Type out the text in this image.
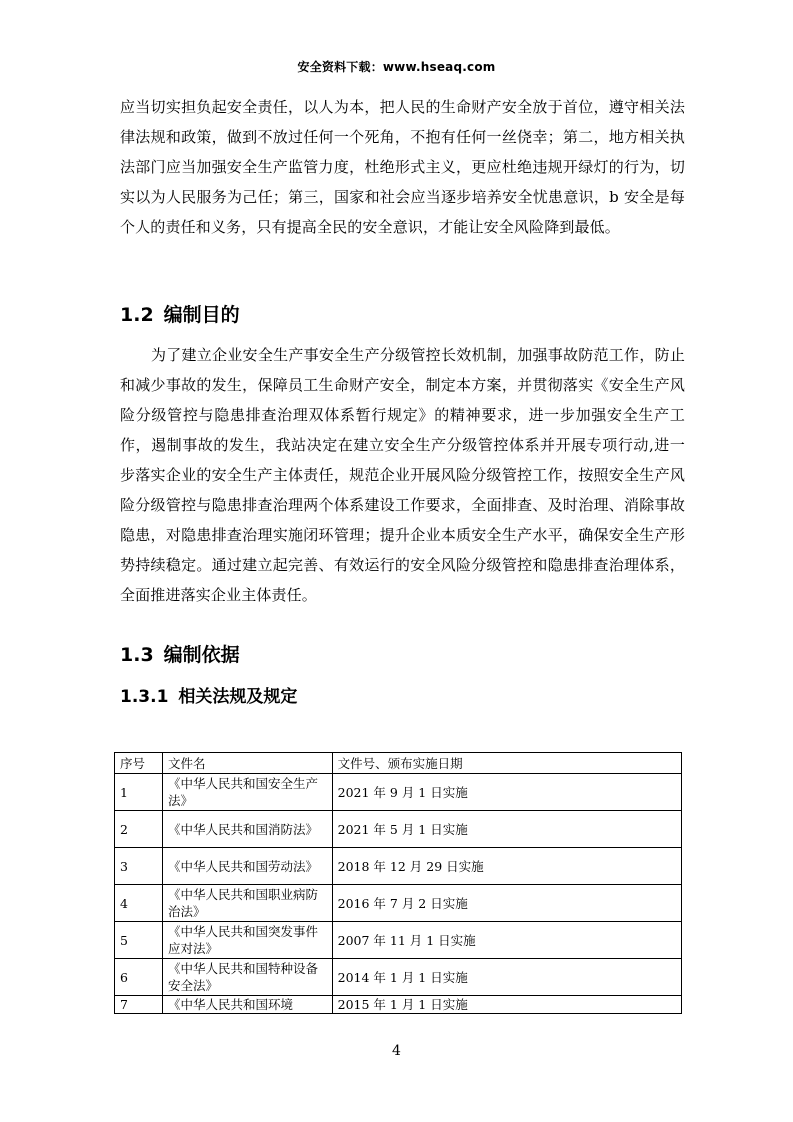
安全资料下载：www.hseaq.com

应当切实担负起安全责任，以人为本，把人民的生命财产安全放于首位，遵守相关法律法规和政策，做到不放过任何一个死角，不抱有任何一丝侥幸；第二，地方相关执法部门应当加强安全生产监管力度，杜绝形式主义，更应杜绝违规开绿灯的行为，切实以为人民服务为己任；第三，国家和社会应当逐步培养安全忧患意识，b 安全是每个人的责任和义务，只有提高全民的安全意识，才能让安全风险降到最低。

1.2 编制目的

为了建立企业安全生产事安全生产分级管控长效机制，加强事故防范工作，防止和减少事故的发生，保障员工生命财产安全，制定本方案，并贯彻落实《安全生产风险分级管控与隐患排查治理双体系暂行规定》的精神要求，进一步加强安全生产工作，遏制事故的发生，我站决定在建立安全生产分级管控体系并开展专项行动,进一步落实企业的安全生产主体责任，规范企业开展风险分级管控工作，按照安全生产风险分级管控与隐患排查治理两个体系建设工作要求，全面排查、及时治理、消除事故隐患，对隐患排查治理实施闭环管理；提升企业本质安全生产水平，确保安全生产形势持续稳定。通过建立起完善、有效运行的安全风险分级管控和隐患排查治理体系，全面推进落实企业主体责任。

1.3 编制依据
1.3.1 相关法规及规定
序号	文件名	文件号、颁布实施日期
1	《中华人民共和国安全生产法》	2021 年 9 月 1 日实施
2	《中华人民共和国消防法》	2021 年 5 月 1 日实施
3	《中华人民共和国劳动法》	2018 年 12 月 29 日实施
4	《中华人民共和国职业病防治法》	2016 年 7 月 2 日实施
5	《中华人民共和国突发事件应对法》	2007 年 11 月 1 日实施
6	《中华人民共和国特种设备安全法》	2014 年 1 月 1 日实施
7	《中华人民共和国环境	2015 年 1 月 1 日实施
4
